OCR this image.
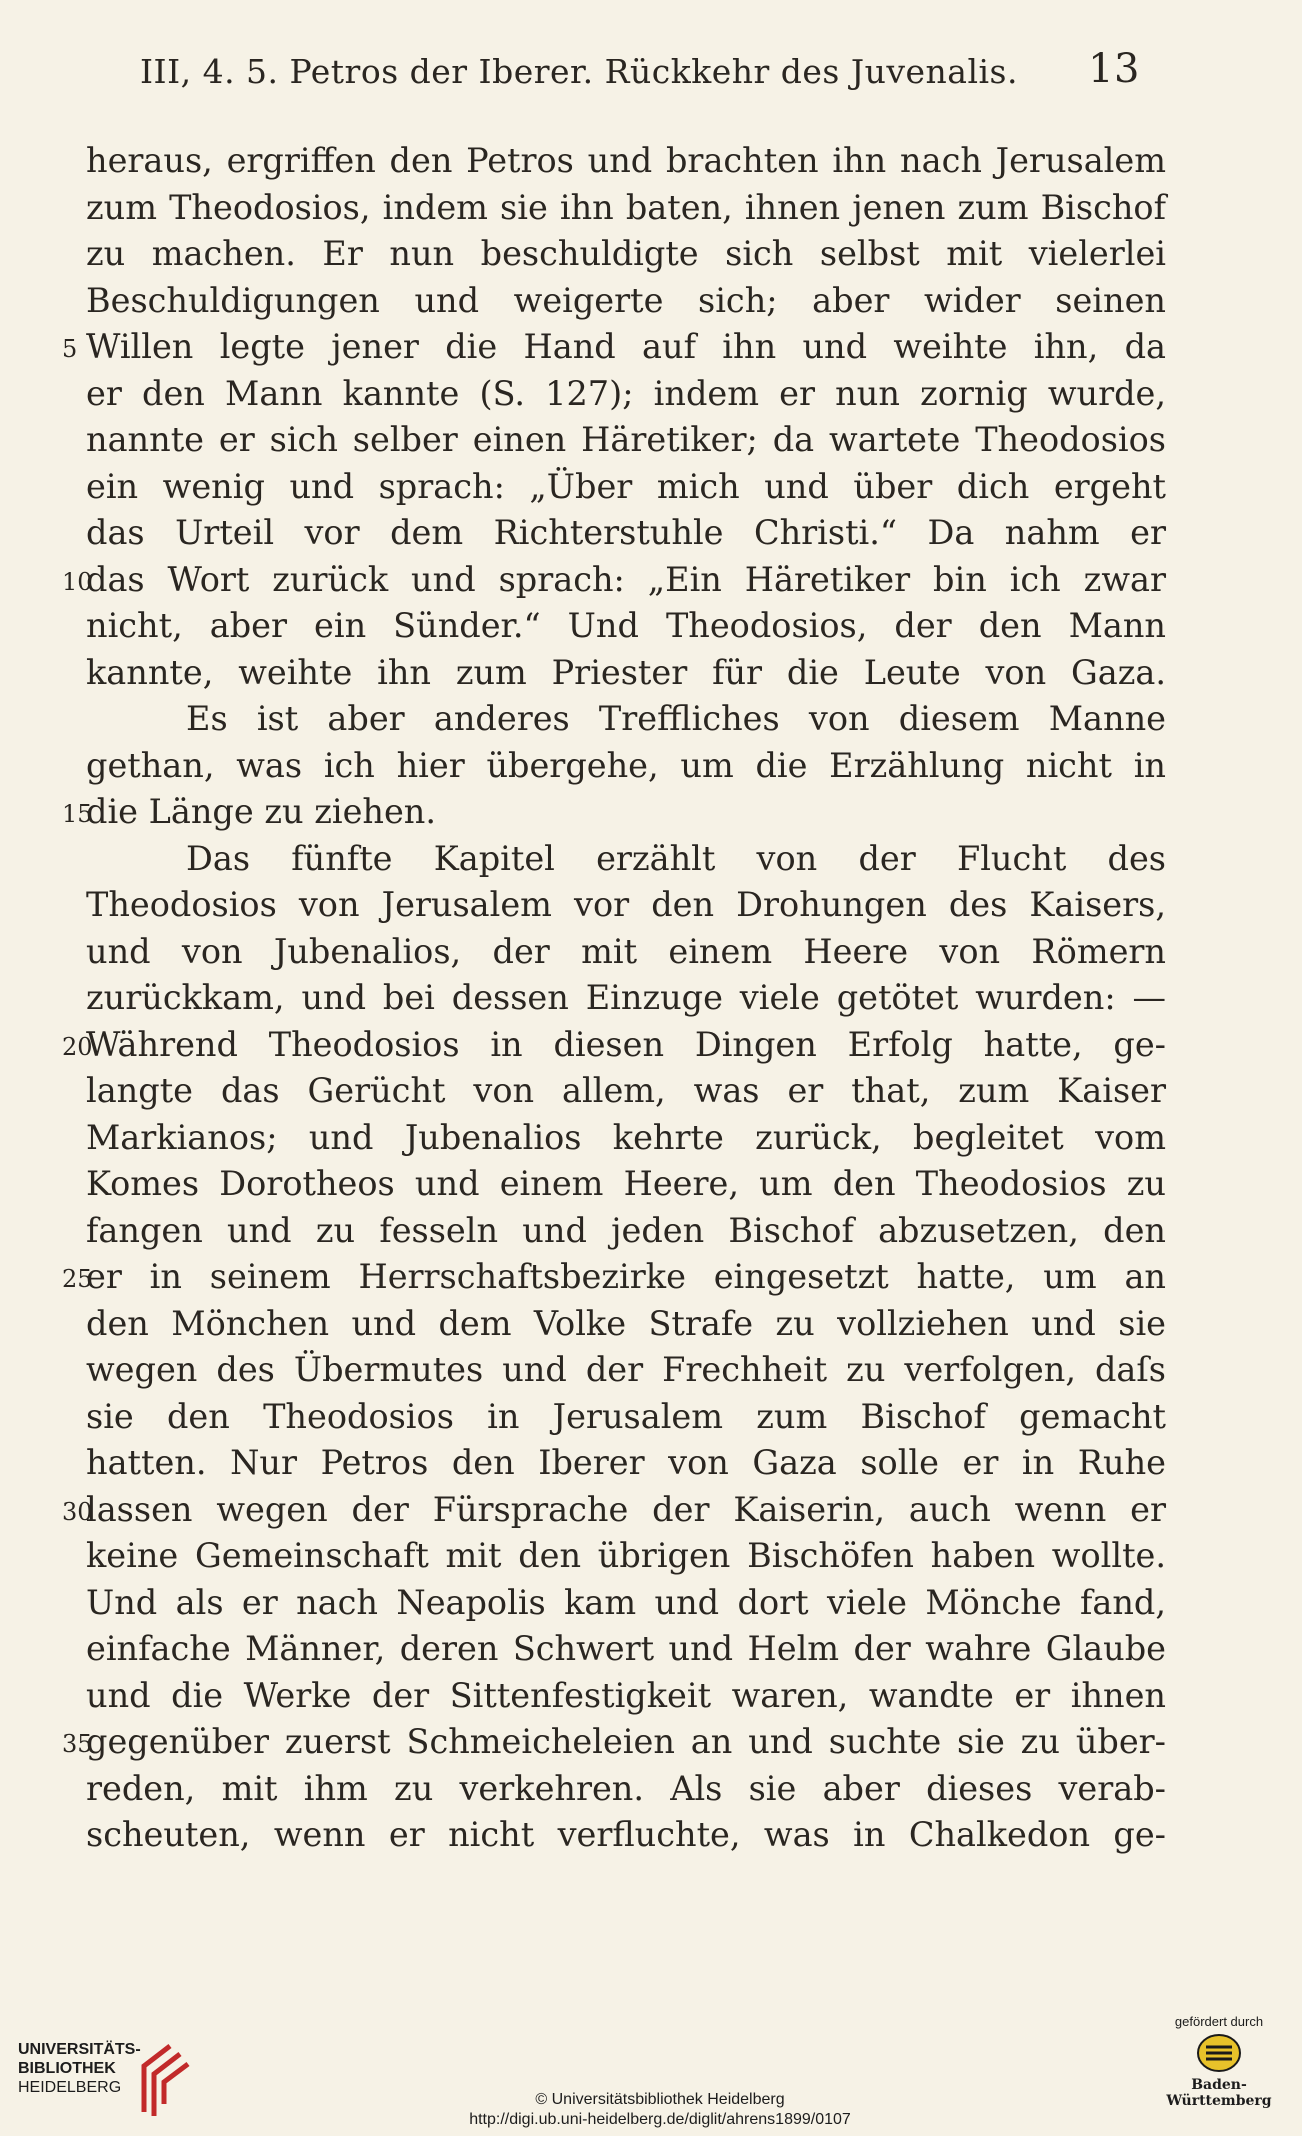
III, 4. 5. Petros der Iberer. Rückkehr des Juvenalis. 13
heraus, ergriffen den Petros und brachten ihn nach Jerusalem
zum Theodosios, indem sie ihn baten, ihnen jenen zum Bischof
zu machen. Er nun beschuldigte sich selbst mit vielerlei
Beschuldigungen und weigerte sich; aber wider seinen
5 Willen legte jener die Hand auf ihn und weihte ihn, da
er den Mann kannte (S. 127); indem er nun zornig wurde,
nannte er sich selber einen Häretiker; da wartete Theodosios
ein wenig und sprach: „Über mich und über dich ergeht
das Urteil vor dem Richterstuhle Christi.“ Da nahm er
10
das Wort zurück und sprach: „Ein Häretiker bin ich zwar
nicht, aber ein Sünder.“ Und Theodosios, der den Mann
kannte, weihte ihn zum Priester für die Leute von Gaza.
Es ist aber anderes Treffliches von diesem Manne
gethan, was ich hier übergehe, um die Erzählung nicht in
15
die Länge zu ziehen.
Das fünfte Kapitel erzählt von der Flucht des
Theodosios von Jerusalem vor den Drohungen des Kaisers,
und von Jubenalios, der mit einem Heere von Römern
zurückkam, und bei dessen Einzuge viele getötet wurden: —
20
Während Theodosios in diesen Dingen Erfolg hatte, ge-
langte das Gerücht von allem, was er that, zum Kaiser
Markianos; und Jubenalios kehrte zurück, begleitet vom
Komes Dorotheos und einem Heere, um den Theodosios zu
fangen und zu fesseln und jeden Bischof abzusetzen, den
25
er in seinem Herrschaftsbezirke eingesetzt hatte, um an
den Mönchen und dem Volke Strafe zu vollziehen und sie
wegen des Übermutes und der Frechheit zu verfolgen, daſs
sie den Theodosios in Jerusalem zum Bischof gemacht
hatten. Nur Petros den Iberer von Gaza solle er in Ruhe
30
lassen wegen der Fürsprache der Kaiserin, auch wenn er
keine Gemeinschaft mit den übrigen Bischöfen haben wollte.
Und als er nach Neapolis kam und dort viele Mönche fand,
einfache Männer, deren Schwert und Helm der wahre Glaube
und die Werke der Sittenfestigkeit waren, wandte er ihnen
35
gegenüber zuerst Schmeicheleien an und suchte sie zu über-
reden, mit ihm zu verkehren. Als sie aber dieses verab-
scheuten, wenn er nicht verfluchte, was in Chalkedon ge-
UNIVERSITÄTS-
BIBLIOTHEK
HEIDELBERG
© Universitätsbibliothek Heidelberg
http://digi.ub.uni-heidelberg.de/diglit/ahrens1899/0107
gefördert durch
Baden-Württemberg
